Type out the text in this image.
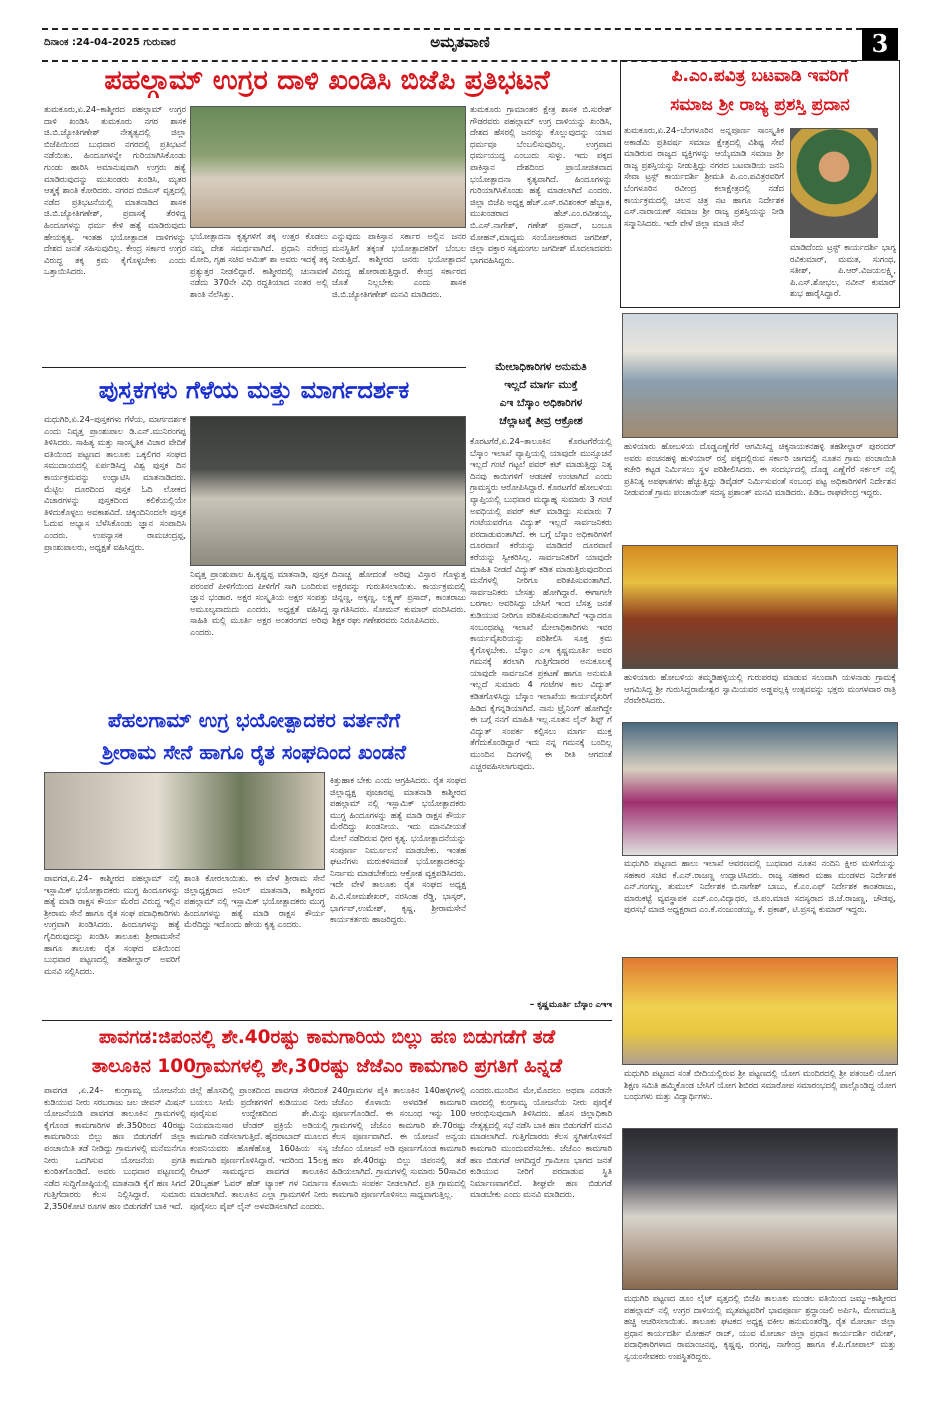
ದಿನಾಂಕ :24-04-2025 ಗುರುವಾರ	ಅಮೃತವಾಣಿ	3
ಪಹಲ್ಗಾಮ್ ಉಗ್ರರ ದಾಳಿ ಖಂಡಿಸಿ ಬಿಜೆಪಿ ಪ್ರತಿಭಟನೆ
ತುಮಕೂರು,ಏ.24–ಕಾಶ್ಮೀರದ ಪಹಲ್ಗಾಮ್ ಉಗ್ರರ ದಾಳಿ ಖಂಡಿಸಿ ತುಮಕೂರು ನಗರ ಶಾಸಕ ಜಿ.ಬಿ.ಜ್ಯೋತಿಗಣೇಶ್ ನೇತೃತ್ವದಲ್ಲಿ ಜಿಲ್ಲಾ ಬಿಜೆಪಿಯಿಂದ ಬುಧವಾರ ನಗರದಲ್ಲಿ ಪ್ರತಿಭಟನೆ ನಡೆಯಿತು. ಹಿಂದೂಗಳನ್ನೇ ಗುರಿಯಾಗಿಸಿಕೊಂಡು ಗುಂಡು ಹಾರಿಸಿ ಅಮಾನುಷವಾಗಿ ಉಗ್ರರು ಹತ್ಯೆ ಮಾಡಿರುವುದನ್ನು ಮುಖಂಡರು ಖಂಡಿಸಿ, ಮೃತರ ಆತ್ಮಕ್ಕೆ ಶಾಂತಿ ಕೋರಿದರು. ನಗರದ ಬಿಜಿಎಸ್ ವೃತ್ತದಲ್ಲಿ ನಡೆದ ಪ್ರತಿಭಟನೆಯಲ್ಲಿ ಮಾತನಾಡಿದ ಶಾಸಕ ಜಿ.ಬಿ.ಜ್ಯೋತಿಗಣೇಶ್, ಪ್ರವಾಸಕ್ಕೆ ತೆರಳಿದ್ದ ಹಿಂದೂಗಳನ್ನು ಧರ್ಮ ಕೇಳಿ ಹತ್ಯೆ ಮಾಡಿರುವುದು ಹೇಯಕೃತ್ಯ. ಇಂತಹ ಭಯೋತ್ಪಾದಕ ದಾಳಿಗಳನ್ನು ದೇಶದ ಜನತೆ ಸಹಿಸುವುದಿಲ್ಲ. ಕೇಂದ್ರ ಸರ್ಕಾರ ಉಗ್ರರ ವಿರುದ್ಧ ತಕ್ಕ ಕ್ರಮ ಕೈಗೊಳ್ಳಬೇಕು ಎಂದು ಒತ್ತಾಯಿಸಿದರು.
ಭಯೋತ್ಪಾದನಾ ಕೃತ್ಯಗಳಿಗೆ ತಕ್ಕ ಉತ್ತರ ಕೊಡಲು ನಮ್ಮ ದೇಶ ಸಮರ್ಥವಾಗಿದೆ. ಪ್ರಧಾನಿ ನರೇಂದ್ರ ಮೋದಿ, ಗೃಹ ಸಚಿವ ಅಮಿತ್ ಶಾ ಅವರು ಇದಕ್ಕೆ ತಕ್ಕ ಪ್ರತ್ಯುತ್ತರ ನೀಡಲಿದ್ದಾರೆ. ಕಾಶ್ಮೀರದಲ್ಲಿ ಚುನಾವಣೆ ನಡೆದು 370ನೇ ವಿಧಿ ರದ್ದತಿಯಾದ ನಂತರ ಅಲ್ಲಿ ಶಾಂತಿ ನೆಲೆಸಿತ್ತು.
ಎನ್ನುವುದು ಪಾಕಿಸ್ತಾನ ಸರ್ಕಾರ ಅಲ್ಲಿನ ಜನರ ಮನಸ್ಥಿತಿಗೆ ತಕ್ಕಂತೆ ಭಯೋತ್ಪಾದಕರಿಗೆ ಬೆಂಬಲ ನೀಡುತ್ತಿದೆ. ಕಾಶ್ಮೀರದ ಜನರು ಭಯೋತ್ಪಾದನೆ ವಿರುದ್ಧ ಹೋರಾಡುತ್ತಿದ್ದಾರೆ. ಕೇಂದ್ರ ಸರ್ಕಾರದ ಜೊತೆ ನಿಲ್ಲಬೇಕು ಎಂದು ಶಾಸಕ ಜಿ.ಬಿ.ಜ್ಯೋತಿಗಣೇಶ್ ಮನವಿ ಮಾಡಿದರು.
ತುಮಕೂರು ಗ್ರಾಮಾಂತರ ಕ್ಷೇತ್ರ ಶಾಸಕ ಬಿ.ಸುರೇಶ್ ಗೌಡರವರು ಪಹಲ್ಗಾಮ್ ಉಗ್ರ ದಾಳಿಯನ್ನು ಖಂಡಿಸಿ, ದೇಶದ ಹೆಸರಲ್ಲಿ ಜನರನ್ನು ಕೊಲ್ಲುವುದನ್ನು ಯಾವ ಧರ್ಮವೂ ಬೆಂಬಲಿಸುವುದಿಲ್ಲ. ಉಗ್ರವಾದ ಧರ್ಮಯುದ್ಧ ಎಂಬುದು ಸುಳ್ಳು. ಇದು ಪಕ್ಕದ ಪಾಕಿಸ್ತಾನ ದೇಶದಿಂದ ಪ್ರಾಯೋಜಿತವಾದ ಭಯೋತ್ಪಾದನಾ ಕೃತ್ಯವಾಗಿದೆ. ಹಿಂದೂಗಳನ್ನು ಗುರಿಯಾಗಿಸಿಕೊಂಡು ಹತ್ಯೆ ಮಾಡಲಾಗಿದೆ ಎಂದರು. ಜಿಲ್ಲಾ ಬಿಜೆಪಿ ಅಧ್ಯಕ್ಷ ಹೆಚ್.ಎಸ್.ರವಿಶಂಕರ್ ಹೆಬ್ಬಾಕ, ಮುಖಂಡರಾದ ಹೆಚ್.ಎಂ.ರವೀಶಯ್ಯ, ಬಿ.ಎಸ್.ನಾಗೇಶ್, ಗಣೇಶ್ ಪ್ರಸಾದ್, ಬಂಬೂ ಮೋಹನ್,ಮಾಧ್ಯಮ ಸಂಯೋಜಕರಾದ ಜಗದೀಶ್, ಜಿಲ್ಲಾ ವಕ್ತಾರ ಸತ್ಯಮಂಗಲ ಜಗದೀಶ್ ಮೊದಲಾದವರು ಭಾಗವಹಿಸಿದ್ದರು.
ಪುಸ್ತಕಗಳು ಗೆಳೆಯ ಮತ್ತು ಮಾರ್ಗದರ್ಶಕ
ಮಧುಗಿರಿ,ಏ.24–ಪುಸ್ತಕಗಳು ಗೆಳೆಯ, ಮಾರ್ಗದರ್ಶಕ ಎಂದು ನಿವೃತ್ತ ಪ್ರಾಂಶುಪಾಲ ಡಿ.ಎನ್.ಮುನಿರಂಗಪ್ಪ ತಿಳಿಸಿದರು. ಸಾಹಿತ್ಯ ಮತ್ತು ಸಾಂಸ್ಕೃತಿಕ ವಿಚಾರ ವೇದಿಕೆ ವತಿಯಿಂದ ಪಟ್ಟಣದ ತಾಲೂಕು ಒಕ್ಕಲಿಗರ ಸಂಘದ ಸಮುದಾಯದಲ್ಲಿ ಏರ್ಪಡಿಸಿದ್ದ ವಿಶ್ವ ಪುಸ್ತಕ ದಿನ ಕಾರ್ಯಕ್ರಮವನ್ನು ಉದ್ಘಾಟಿಸಿ ಮಾತನಾಡಿದರು. ಮೆಟ್ಟಿಲ ದೂರದಿಂದ ಪುಸ್ತಕ ಓದಿ ಲೋಕದ ವಿಚಾರಗಳನ್ನು ಪುಸ್ತಕದಿಂದ ಕಲಿಕೆಯಲ್ಲಿಯೇ ತಿಳಿದುಕೊಳ್ಳಲು ಅವಕಾಶವಿದೆ. ಚಿಕ್ಕಂದಿನಿಂದಲೇ ಪುಸ್ತಕ ಓದುವ ಅಭ್ಯಾಸ ಬೆಳೆಸಿಕೊಂಡು ಜ್ಞಾನ ಸಂಪಾದಿಸಿ ಎಂದರು. ಉಪನ್ಯಾಸಕ ರಾಮಚಂದ್ರಪ್ಪ, ಪ್ರಾಂಶುಪಾಲರು, ಅಧ್ಯಕ್ಷತೆ ವಹಿಸಿದ್ದರು.
ನಿವೃತ್ತ ಪ್ರಾಂಶುಪಾಲ ಹಿ.ಕೃಷ್ಣಪ್ಪ ಮಾತನಾಡಿ, ಪುಸ್ತಕ ಪರಂಪರೆ ಪೀಳಿಗೆಯಿಂದ ಪೀಳಿಗೆಗೆ ಸಾಗಿ ಬಂದಿರುವ ಜ್ಞಾನ ಭಂಡಾರ. ಅಕ್ಷರ ಸಂಸ್ಕೃತಿಯ ಅಕ್ಷರ ಸಂಪತ್ತು ಅಮೂಲ್ಯವಾದುದು ಎಂದರು. ಅಧ್ಯಕ್ಷತೆ ವಹಿಸಿದ್ದ ಸಾಹಿತಿ ಮಲ್ಲಿ ಮೂರ್ತಿ ಅಕ್ಷರ ಅಂತರಂಗದ ಅರಿವು ಎಂದರು.
ದಿನಾಚ್ಚ ಹೋದಂತೆ ಅರಿವು ವಿಸ್ತಾರ ಗೊಳ್ಳುತ್ತ ಅಕ್ಷರವನ್ನು ಗುರುತಿಸಲಾಯಿತು. ಕಾರ್ಯಕ್ರಮದಲ್ಲಿ ಚಿನ್ನಣ್ಣ, ಅಕ್ಕಣ್ಣ, ಲಕ್ಷ್ಮಣ್ ಪ್ರಸಾದ್, ಕಾಂತರಾಜು ಸ್ವಾಗತಿಸಿದರು. ಸೋಮನ್ ಕುಮಾರ್ ವಂದಿಸಿದರು. ಶಿಕ್ಷಕ ರಘು ಗಣೇಶರವರು ನಿರೂಪಿಸಿದರು.
ಮೇಲಾಧಿಕಾರಿಗಳ ಅನುಮತಿ
ಇಲ್ಲದೆ ಮಾರ್ಗ ಮುಕ್ತೆ
ಎಇ ಬೆಸ್ಕಾಂ ಅಧಿಕಾರಿಗಳ
ಚೆಲ್ಲಾಟಕ್ಕೆ ತೀವ್ರ ಆಕ್ರೋಶ
ಕೊರಟಗೆರೆ,ಏ.24–ತಾಲೂಕಿನ ಕೊರಟಗೆರೆಯಲ್ಲಿ ಬೆಸ್ಕಾಂ ಇಲಾಖೆ ವ್ಯಾಪ್ತಿಯಲ್ಲಿ ಯಾವುದೇ ಮುನ್ಸೂಚನೆ ಇಲ್ಲದೆ ಗಂಟೆ ಗಟ್ಟಲೆ ಪವರ್ ಕಟ್ ಮಾಡುತ್ತಿದ್ದು ನಿತ್ಯ ದಿನವು ಕಾಯಿಗಳಿಗೆ ಆಡಚಣೆ ಉಂಟಾಗಿದೆ ಎಂದು ಗ್ರಾಮಸ್ಥರು ಆರೋಪಿಸಿದ್ದಾರೆ. ಕೊರಟಗೆರೆ ಹೋಬಳಿಯ ವ್ಯಾಪ್ತಿಯಲ್ಲಿ ಬುಧವಾರ ಮಧ್ಯಾಹ್ನ ಸುಮಾರು 3 ಗಂಟೆ ಅವಧಿಯಲ್ಲಿ ಪವರ್ ಕಟ್ ಮಾಡಿದ್ದು ಸುಮಾರು 7 ಗಂಟೆಯವರೆಗೂ ವಿದ್ಯುತ್ ಇಲ್ಲದೆ ಸಾರ್ವಜನಿಕರು ಪರದಾಡುವಂತಾಗಿದೆ. ಈ ಬಗ್ಗೆ ಬೆಸ್ಕಾಂ ಅಧಿಕಾರಿಗಳಿಗೆ ದೂರವಾಣಿ ಕರೆಯನ್ನು ಮಾಡಿದರೆ ದೂರವಾಣಿ ಕರೆಯನ್ನು ಸ್ವೀಕರಿಸಿಲ್ಲ. ಸಾರ್ವಜನಿಕರಿಗೆ ಯಾವುದೇ ಮಾಹಿತಿ ನೀಡದೆ ವಿದ್ಯುತ್ ಕಡಿತ ಮಾಡುತ್ತಿರುವುದರಿಂದ ಮನೆಗಳಲ್ಲಿ ನೀರಿಗೂ ಪರಿತಪಿಸುವಂತಾಗಿದೆ. ಸಾರ್ವಜನಿಕರು ಬೇಸತ್ತು ಹೋಗಿದ್ದಾರೆ. ಈಗಾಗಲೇ ಬರಗಾಲ ಆವರಿಸಿದ್ದು ಬೇಸಿಗೆ ಇಂದ ಬೆಸತ್ತ ಜನತೆ ಕುಡಿಯುವ ನೀರಿಗೂ ಪರಿತಪಿಸುವಂತಾಗಿದೆ ಇನ್ನಾದರೂ ಸಂಬಂಧಪಟ್ಟ ಇಲಾಖೆ ಮೇಲಾಧಿಕಾರಿಗಳು ಇವರ ಕಾರ್ಯವೈಖರಿಯನ್ನು ಪರಿಶೀಲಿಸಿ ಸೂಕ್ತ ಕ್ರಮ ಕೈಗೊಳ್ಳಬೇಕು. ಬೆಸ್ಕಾಂ ಎಇ ಕೃಷ್ಣಮೂರ್ತಿ ಅವರ ಗಮನಕ್ಕೆ ತರಲಾಗಿ ಗುತ್ತಿಗೆದಾರರ ಅನುಕೂಲಕ್ಕೆ ಯಾವುದೇ ಸಾರ್ವಜನಿಕ ಪ್ರಕಟಣೆ ಹಾಗೂ ಅನುಮತಿ ಇಲ್ಲದೆ ಸುಮಾರು 4 ಗಂಟೆಗಳ ಕಾಲ ವಿದ್ಯುತ್ ಕಡಿತಗೊಳಿಸಿದ್ದು ಬೆಸ್ಕಾಂ ಇಲಾಖೆಯ ಕಾರ್ಯವೈಖರಿಗೆ ಹಿಡಿದ ಕೈಗನ್ನಡಿಯಾಗಿದೆ. ನಾನು ಟ್ರೈನಿಂಗ್ ಹೋಗಿದ್ದೇ ಈ ಬಗ್ಗೆ ನನಗೆ ಮಾಹಿತಿ ಇಲ್ಲ.ನೂತನ ಲೈನ್ ಶಿಫ್ಟ್ ಗೆ ವಿದ್ಯುತ್ ಸಂಪರ್ಕ ಕಲ್ಪಿಸಲು ಮಾರ್ಗ ಮುಕ್ತ ತೆಗೆದುಕೊಂಡಿದ್ದಾರೆ ಇದು ನನ್ನ ಗಮನಕ್ಕೆ ಬಂದಿಲ್ಲ ಮುಂದಿನ ದಿನಗಳಲ್ಲಿ ಈ ರೀತಿ ಆಗದಂತೆ ಎಚ್ಚರವಹಿಸಲಾಗುವುದು.
– ಕೃಷ್ಣಮೂರ್ತಿ ಬೆಸ್ಕಾಂ ಎಇಇ
ಪೆಹಲಗಾಮ್ ಉಗ್ರ ಭಯೋತ್ಪಾದಕರ ವರ್ತನೆಗೆ
ಶ್ರೀರಾಮ ಸೇನೆ ಹಾಗೂ ರೈತ ಸಂಘದಿಂದ ಖಂಡನೆ
ಪಾವಗಡ,ಏ.24– ಕಾಶ್ಮೀರದ ಪಹಲ್ಗಾಮ್ ನಲ್ಲಿ ಇಸ್ಲಾಮಿಕ್ ಭಯೋತ್ಪಾದಕರು ಮುಗ್ಧ ಹಿಂದೂಗಳನ್ನು ಹತ್ಯೆ ಮಾಡಿ ರಾಕ್ಷಸ ಕೌರ್ಯ ಮೆರೆದ ವಿರುದ್ಧ ಇಲ್ಲಿನ ಶ್ರೀರಾಮ ಸೇನೆ ಹಾಗೂ ರೈತ ಸಂಘ ಪದಾಧಿಕಾರಿಗಳು ಉಗ್ರವಾಗಿ ಖಂಡಿಸಿದರು. ಹಿಂದೂಗಳನ್ನು ಹತ್ಯೆ ಗೈದಿರುವುದನ್ನು ಖಂಡಿಸಿ ತಾಲೂಕು ಶ್ರೀರಾಮಸೇನೆ ಹಾಗೂ ತಾಲೂಕು ರೈತ ಸಂಘದ ವತಿಯಿಂದ ಬುಧವಾರ ಪಟ್ಟಣದಲ್ಲಿ ತಹಶೀಲ್ದಾರ್ ಅವರಿಗೆ ಮನವಿ ಸಲ್ಲಿಸಿದರು.
ಶಾಂತಿ ಕೋರಲಾಯಿತು. ಈ ವೇಳೆ ಶ್ರೀರಾಮ ಸೇನೆ ಜಿಲ್ಲಾಧ್ಯಕ್ಷರಾದ ಅನಿಲ್ ಮಾತನಾಡಿ, ಕಾಶ್ಮೀರದ ಪಹಲ್ಗಾಮ್ ನಲ್ಲಿ ಇಸ್ಲಾಮಿಕ್ ಭಯೋತ್ಪಾದಕರು ಮುಗ್ಧ ಹಿಂದೂಗಳನ್ನು ಹತ್ಯೆ ಮಾಡಿ ರಾಕ್ಷಸ ಕೌರ್ಯ ಮೆರೆದಿದ್ದು ಇದೊಂದು ಹೇಯ ಕೃತ್ಯ ಎಂದರು.
ಕಿತ್ತುಹಾಕ ಬೇಕು ಎಂದು ಆಗ್ರಹಿಸಿದರು. ರೈತ ಸಂಘದ ಜಿಲ್ಲಾಧ್ಯಕ್ಷ ಪೂಜಾರಪ್ಪ ಮಾತನಾಡಿ ಕಾಶ್ಮೀರದ ಪಹಲ್ಗಾಮ್ ನಲ್ಲಿ ಇಸ್ಲಾಮಿಕ್ ಭಯೋತ್ಪಾದಕರು ಮುಗ್ಧ ಹಿಂದೂಗಳನ್ನು ಹತ್ಯೆ ಮಾಡಿ ರಾಕ್ಷಸ ಕೌರ್ಯ ಮೆರೆದಿದ್ದು ಖಂಡನೀಯ. ಇದು ಮಾನವೀಯತೆ ಮೇಲೆ ನಡೆದಿರುವ ಧೀರ ಕೃತ್ಯ. ಭಯೋತ್ಪಾದನೆಯನ್ನು ಸಂಪೂರ್ಣ ನಿರ್ಮೂಲನೆ ಮಾಡಬೇಕು. ಇಂತಹ ಘಟನೆಗಳು ಮರುಕಳಿಸದಂತೆ ಭಯೋತ್ಪಾದಕರನ್ನು ನಿರ್ನಾಮ ಮಾಡಬೇಕೆಂದು ಆಕ್ರೋಶ ವ್ಯಕ್ತಪಡಿಸಿದರು. ಇದೇ ವೇಳೆ ತಾಲೂಕು ರೈತ ಸಂಘದ ಅಧ್ಯಕ್ಷ ಪಿ.ವಿ.ಸೋಮಶೇಖರ್, ನರಸಿಂಹ ರೆಡ್ಡಿ, ಭಾಸ್ಕರ್, ಭಾರ್ಗವ್,ಉಮೇಶ್, ಕೃಷ್ಣ, ಶ್ರೀರಾಮಸೇನೆ ಕಾರ್ಯಕರ್ತರು ಹಾಜರಿದ್ದರು.
ಪಾವಗಡ:ಜಿಪಂನಲ್ಲಿ ಶೇ.40ರಷ್ಟು ಕಾಮಗಾರಿಯ ಬಿಲ್ಲು ಹಣ ಬಿಡುಗಡೆಗೆ ತಡೆ
ತಾಲೂಕಿನ 100ಗ್ರಾಮಗಳಲ್ಲಿ ಶೇ,30ರಷ್ಟು ಜೆಜೆಎಂ ಕಾಮಗಾರಿ ಪ್ರಗತಿಗೆ ಹಿನ್ನಡೆ
ಪಾವಗಡ ,ಏ.24– ಕುಂಗ್ರಾಮ್ಯ ಯೋಜನೆಯ ಕುಡಿಯುವ ನೀರು ಸರಬರಾಜು ಜಲ ಜೀವನ್ ಮಿಷನ್ ಯೋಜನೆಯಡಿ ಪಾವಗಡ ತಾಲೂಕಿನ ಗ್ರಾಮಗಳಲ್ಲಿ ಕೈಗೊಂಡ ಕಾಮಗಾರಿಗಳ ಶೇ.350ರಿಂದ 40ರಷ್ಟು ಕಾಮಗಾರಿಯ ಬಿಲ್ಲು ಹಣ ಬಿಡುಗಡೆಗೆ ಜಿಲ್ಲಾ ಪಂಚಾಯಿತಿ ತಡೆ ನೀಡಿದ್ದು ಗ್ರಾಮಗಳಲ್ಲಿ ಮನೆಮನೆಗೂ ನೀರು ಒದಗಿಸುವ ಯೋಜನೆಯ ಪ್ರಗತಿ ಕುಂಠಿತಗೊಂಡಿದೆ. ಅವರು ಬುಧವಾರ ಪಟ್ಟಣದಲ್ಲಿ ನಡೆದ ಸುದ್ದಿಗೋಷ್ಠಿಯಲ್ಲಿ ಮಾತನಾಡಿ ಕೈಗೆ ಹಣ ಸಿಗದೆ ಗುತ್ತಿಗೆದಾರರು ಕೆಲಸ ನಿಲ್ಲಿಸಿದ್ದಾರೆ. ಸುಮಾರು 2,350ಕೋಟಿ ರೂಗಳ ಹಣ ಬಿಡುಗಡೆಗೆ ಬಾಕಿ ಇದೆ.
ಜಿಲ್ಲೆ ಹೊಸದಿಲ್ಲಿ ಪ್ರಾಂತದಿಂದ ಪಾವಗಡ ಸೇರಿದಂತೆ ಬಯಲು ಸೀಮೆ ಪ್ರದೇಶಗಳಿಗೆ ಕುಡಿಯುವ ನೀರು ಪೂರೈಸುವ ಉದ್ದೇಶದಿಂದ ಶೇ.ಮಿನ್ನು ನಿಯಮಾನುಸಾರ ಟೆಂಡರ್ ಪ್ರಕ್ರಿಯೆ ಅಡಿಯಲ್ಲಿ ಕಾಮಗಾರಿ ನಡೆಸಲಾಗುತ್ತಿದೆ. ಹೈದರಾಬಾದ್ ಮೂಲದ ಕಂಪನಿಯವರು ಹೊಣೆಹೊತ್ತ 160ಹಿಯ ಸಸ್ಯ ಕಾಮಗಾರಿ ಪೂರ್ಣಗೊಳಿಸಿದ್ದಾರೆ. ಇದರಿಂದ 15ಲಕ್ಷ ಲೀಟರ್ ಸಾಮರ್ಥ್ಯದ ಪಾವಗಡ ತಾಲೂಕಿನ 20ಬೃಹತ್ ಓವರ್ ಹೆಡ್ ಟ್ಯಾಂಕ್ ಗಳ ನಿರ್ಮಾಣ ಮಾಡಲಾಗಿದೆ. ತಾಲೂಕಿನ ಎಲ್ಲಾ ಗ್ರಾಮಗಳಿಗೆ ನೀರು ಪೂರೈಸಲು ಪೈಪ್ ಲೈನ್ ಅಳವಡಿಸಲಾಗಿದೆ ಎಂದರು.
240ಗ್ರಾಮಗಳ ಪೈಕಿ ತಾಲೂಕಿನ 140ಹಳ್ಳಿಗಳಲ್ಲಿ ಜೆಜೆಎಂ ಕೊಳಾಯಿ ಅಳವಡಿಕೆ ಕಾಮಗಾರಿ ಪೂರ್ಣಗೊಂಡಿದೆ. ಈ ಸಂಬಂಧ ಇನ್ನು 100 ಗ್ರಾಮಗಳಲ್ಲಿ ಜೆಜೆಎಂ ಕಾಮಗಾರಿ ಶೇ.70ರಷ್ಟು ಕೆಲಸ ಪೂರ್ಣವಾಗಿದೆ. ಈ ಯೋಜನೆ ಅನ್ವಯ ಜೆಜೆಎಂ ಯೋಜನೆ ಅಡಿ ಪೂರ್ಣಗೊಂಡ ಕಾಮಗಾರಿ ಹಣ ಶೇ.40ರಷ್ಟು ಬಿಲ್ಲು ಜಿಪಂನಲ್ಲಿ ತಡೆ ಹಿಡಿಯಲಾಗಿದೆ. ಗ್ರಾಮಗಳಲ್ಲಿ ಸುಮಾರು 50ಸಾವಿರ ಕೊಳಾಯಿ ಸಂಪರ್ಕ ನೀಡಲಾಗಿದೆ. ಪ್ರತಿ ಗ್ರಾಮದಲ್ಲಿ ಕಾಮಗಾರಿ ಪೂರ್ಣಗೊಳಿಸಲು ಸಾಧ್ಯವಾಗುತ್ತಿಲ್ಲ.
ಎಂದರು.ಮುಂದಿನ ಮೇ,ಮೊದಲು ಅಥವಾ ಎರಡನೇ ವಾರದಲ್ಲಿ ಕುಂಗ್ರಾಮ್ಯ ಯೋಜನೆಯ ನೀರು ಪೂರೈಕೆ ಆರಂಭಿಸುವುದಾಗಿ ತಿಳಿಸಿದರು. ಹೊಸ ಜಿಲ್ಲಾಧಿಕಾರಿ ನೇತೃತ್ವದಲ್ಲಿ ಸಭೆ ನಡೆಸಿ ಬಾಕಿ ಹಣ ಬಿಡುಗಡೆಗೆ ಮನವಿ ಮಾಡಲಾಗಿದೆ. ಗುತ್ತಿಗೆದಾರರು ಕೆಲಸ ಸ್ಥಗಿತಗೊಳಿಸದೆ ಕಾಮಗಾರಿ ಮುಂದುವರೆಸಬೇಕು. ಜೆಜೆಎಂ ಕಾಮಗಾರಿ ಹಣ ಬಿಡುಗಡೆ ಆಗದಿದ್ದರೆ ಗ್ರಾಮೀಣ ಭಾಗದ ಜನತೆ ಕುಡಿಯುವ ನೀರಿಗೆ ಪರದಾಡುವ ಸ್ಥಿತಿ ನಿರ್ಮಾಣವಾಗಲಿದೆ. ಶೀಘ್ರವೇ ಹಣ ಬಿಡುಗಡೆ ಮಾಡಬೇಕು ಎಂದು ಮನವಿ ಮಾಡಿದರು.
ಪಿ.ಎಂ.ಪವಿತ್ರ ಬಟವಾಡಿ ಇವರಿಗೆ
ಸಮಾಜ ಶ್ರೀ ರಾಜ್ಯ ಪ್ರಶಸ್ತಿ ಪ್ರದಾನ
ತುಮಕೂರು,ಏ.24–ಬೆಂಗಳೂರಿನ ಅನ್ನಪೂರ್ಣ ಸಾಂಸ್ಕೃತಿಕ ಅಕಾಡೆಮಿ ಪ್ರತಿವರ್ಷ ಸಮಾಜ ಕ್ಷೇತ್ರದಲ್ಲಿ ವಿಶಿಷ್ಟ ಸೇವೆ ಮಾಡಿರುವ ರಾಜ್ಯದ ವ್ಯಕ್ತಿಗಳನ್ನು ಆಯ್ಕೆಮಾಡಿ ಸಮಾಜ ಶ್ರೀ ರಾಜ್ಯ ಪ್ರಶಸ್ತಿಯನ್ನು ನೀಡುತ್ತಿದ್ದು ನಗರದ ಬಟವಾಡಿಯ ಜನನಿ ಸೇವಾ ಟ್ರಸ್ಟ್ ಕಾರ್ಯದರ್ಶಿ ಶ್ರೀಮತಿ ಪಿ.ಎಂ.ಪವಿತ್ರರವರಿಗೆ ಬೆಂಗಳೂರಿನ ರವೀಂದ್ರ ಕಲಾಕ್ಷೇತ್ರದಲ್ಲಿ ನಡೆದ ಕಾರ್ಯಕ್ರಮದಲ್ಲಿ ಚಲನ ಚಿತ್ರ ನಟ ಹಾಗೂ ನಿರ್ದೇಶಕ ಎಸ್.ನಾರಾಯಣ್ ಸಮಾಜ ಶ್ರೀ ರಾಜ್ಯ ಪ್ರಶಸ್ತಿಯನ್ನು ನೀಡಿ ಸನ್ಮಾನಿಸಿದರು. ಇದೇ ವೇಳೆ ಜಿಲ್ಲಾ ಮಾಜಿ ಸೇನೆ
ಮಾಡಿದೆಂದು ಟ್ರಸ್ಟ್ ಕಾರ್ಯದರ್ಶಿ ಭಾಗ್ಯ ರವಿಕುಮಾರ್, ಮಮತ, ಸುಗಂಧ, ಸತೀಶ್, ಪಿ.ಆರ್.ವಿಜಯಲಕ್ಷ್ಮಿ, ಪಿ.ಎಸ್.ಶೋಭಲ, ನವೀನ್ ಕುಮಾರ್ ಶುಭ ಹಾರೈಸಿದ್ದಾರೆ.
ಹುಳಿಯಾರು ಹೋಬಳಿಯ ದೊಡ್ಡಎಣ್ಣೆಗೆರೆ ಆಗಮಿಸಿದ್ದ ಚಿಕ್ಕನಾಯಕನಹಳ್ಳಿ ತಹಶೀಲ್ದಾರ್ ಪುರಂದರ್ ಅವರು ಪಂಚನಹಳ್ಳಿ ಹುಳಿಯಾರ್ ರಸ್ತೆ ಪಕ್ಕದಲ್ಲಿರುವ ಸರ್ಕಾರಿ ಜಾಗದಲ್ಲಿ ನೂತನ ಗ್ರಾಮ ಪಂಚಾಯಿತಿ ಕಚೇರಿ ಕಟ್ಟಡ ನಿರ್ಮಿಸಲು ಸ್ಥಳ ಪರಿಶೀಲಿಸಿದರು. ಈ ಸಂದರ್ಭದಲ್ಲಿ ದೊಡ್ಡ ಎಣ್ಣೆಗೆರೆ ಸರ್ಕಲ್ ನಲ್ಲಿ ಪ್ರತಿನಿತ್ಯ ಅಪಘಾತಗಳು ಹೆಚ್ಚುತ್ತಿದ್ದು ಡಿವೈಡರ್ ನಿರ್ಮಿಸುವಂತೆ ಸಂಬಂಧ ಪಟ್ಟ ಅಧಿಕಾರಿಗಳಿಗೆ ನಿರ್ದೇಶನ ನೀಡುವಂತೆ ಗ್ರಾಮ ಪಂಚಾಯಿತ್ ಸದಸ್ಯ ಪ್ರಶಾಂತ್ ಮನವಿ ಮಾಡಿದರು. ಪಿಡಿಒ ರಾಘವೇಂದ್ರ ಇದ್ದರು.
ಹುಳಿಯಾರು ಹೋಬಳಿಯ ತಮ್ಮಡಿಹಳ್ಳಿಯಲ್ಲಿ ಗುರುಪರವು ಮಾಡುವ ಸಲುವಾಗಿ ಯಳನಾಡು ಗ್ರಾಮಕ್ಕೆ ಆಗಮಿಸಿದ್ದ ಶ್ರೀ ಗುರುಸಿದ್ದರಾಮೇಶ್ವರ ಸ್ವಾಮಿಯವರ ಅಡ್ಡಪಲ್ಲಕ್ಕಿ ಉತ್ಸವವನ್ನು ಭಕ್ತರು ಮಂಗಳವಾರ ರಾತ್ರಿ ನೆರವೇರಿಸಿದರು.
ಮಧುಗಿರಿ ಪಟ್ಟಣದ ಹಾಲು ಇಲಾಖೆ ಆವರಣದಲ್ಲಿ ಬುಧವಾರ ನೂತನ ನಂದಿನಿ ಕ್ಷೀರ ಮಳಿಗೆಯನ್ನು ಸಹಕಾರ ಸಚಿವ ಕೆ.ಎನ್.ರಾಜಣ್ಣ ಉದ್ಘಾಟಿಸಿದರು. ರಾಜ್ಯ ಸಹಕಾರ ಮಹಾ ಮಂಡಳದ ನಿರ್ದೇಶಕ ಎನ್.ಗಂಗಣ್ಣ, ತುಮುಲ್ ನಿರ್ದೇಶಕ ಬಿ.ನಾಗೇಶ್ ಬಾಬು, ಕೆ.ಎಂ.ಎಫ್ ನಿರ್ದೇಶಕ ಕಾಂತರಾಜು, ಮಾರುಕಟ್ಟೆ ವ್ಯವಸ್ಥಾಪಕ ಎಚ್.ಎಂ.ವಿದ್ಯಾಧರ, ಜಿ.ಪಂ.ಮಾಜಿ ಸದಸ್ಯರಾದ ಜಿ.ಜೆ.ರಾಜಣ್ಣ, ಚೌಡಪ್ಪ, ಪುರಸಭೆ ಮಾಜಿ ಅಧ್ಯಕ್ಷರಾದ ಎಂ.ಕೆ.ನಂಜುಂಡಯ್ಯ, ಕೆ. ಪ್ರಕಾಶ್, ಟಿ.ಪ್ರಸನ್ನ ಕುಮಾರ್ ಇದ್ದರು.
ಮಧುಗಿರಿ ಪಟ್ಟಣದ ಸಂತೆ ಬೀದಿಯಲ್ಲಿರುವ ಶ್ರೀ ಪಟ್ಟಣದಲ್ಲಿ ಯೋಗ ಮಂದಿರದಲ್ಲಿ ಶ್ರೀ ಪತಂಜಲಿ ಯೋಗ ಶಿಕ್ಷಣ ಸಮಿತಿ ಹಮ್ಮಿಕೊಂಡ ಬೇಸಿಗೆ ಯೋಗ ಶಿಬಿರದ ಸಮಾರೋಪ ಸಮಾರಂಭದಲ್ಲಿ ಪಾಲ್ಗೊಂಡಿದ್ದ ಯೋಗ ಬಂಧುಗಳು ಮತ್ತು ವಿದ್ಯಾರ್ಥಿಗಳು.
ಮಧುಗಿರಿ ಪಟ್ಟಣದ ಡೂಂ ಲೈಟ್ ವೃತ್ತದಲ್ಲಿ ಬಿಜೆಪಿ ತಾಲೂಕು ಮಂಡಲ ವತಿಯಿಂದ ಜಮ್ಮು–ಕಾಶ್ಮೀರದ ಪಹಲ್ಗಾಮ್ ನಲ್ಲಿ ಉಗ್ರರ ದಾಳಿಯಲ್ಲಿ ಮೃತಪಟ್ಟವರಿಗೆ ಭಾವಪೂರ್ಣ ಶ್ರದ್ಧಾಂಜಲಿ ಅರ್ಪಿಸಿ, ಮೇಣದಬತ್ತಿ ಹಚ್ಚಿ ಆಚರಿಸಲಾಯಿತು. ತಾಲೂಕು ಘಟಕದ ಅಧ್ಯಕ್ಷ ವಕೀಲ ಹನುಮಂತರೆಡ್ಡಿ, ರೈತ ಮೋರ್ಚಾ ಜಿಲ್ಲಾ ಪ್ರಧಾನ ಕಾರ್ಯದರ್ಶಿ ಮೋಹನ್ ರಾಜ್, ಯುವ ಮೋರ್ಚಾ ಜಿಲ್ಲಾ ಪ್ರಧಾನ ಕಾರ್ಯದರ್ಶಿ ರಮೇಶ್, ಪದಾಧಿಕಾರಿಗಳಾದ ರಾಮಾಂಜನಪ್ಪ, ಕೃಷ್ಣಪ್ಪ, ರಂಗಪ್ಪ, ನಾಗೇಂದ್ರ ಹಾಗೂ ಕೆ.ಪಿ.ಗೋಪಾಲ್ ಮತ್ತು ಸ್ವಯಂಸೇವಕರು ಉಪಸ್ಥಿತರಿದ್ದರು.
